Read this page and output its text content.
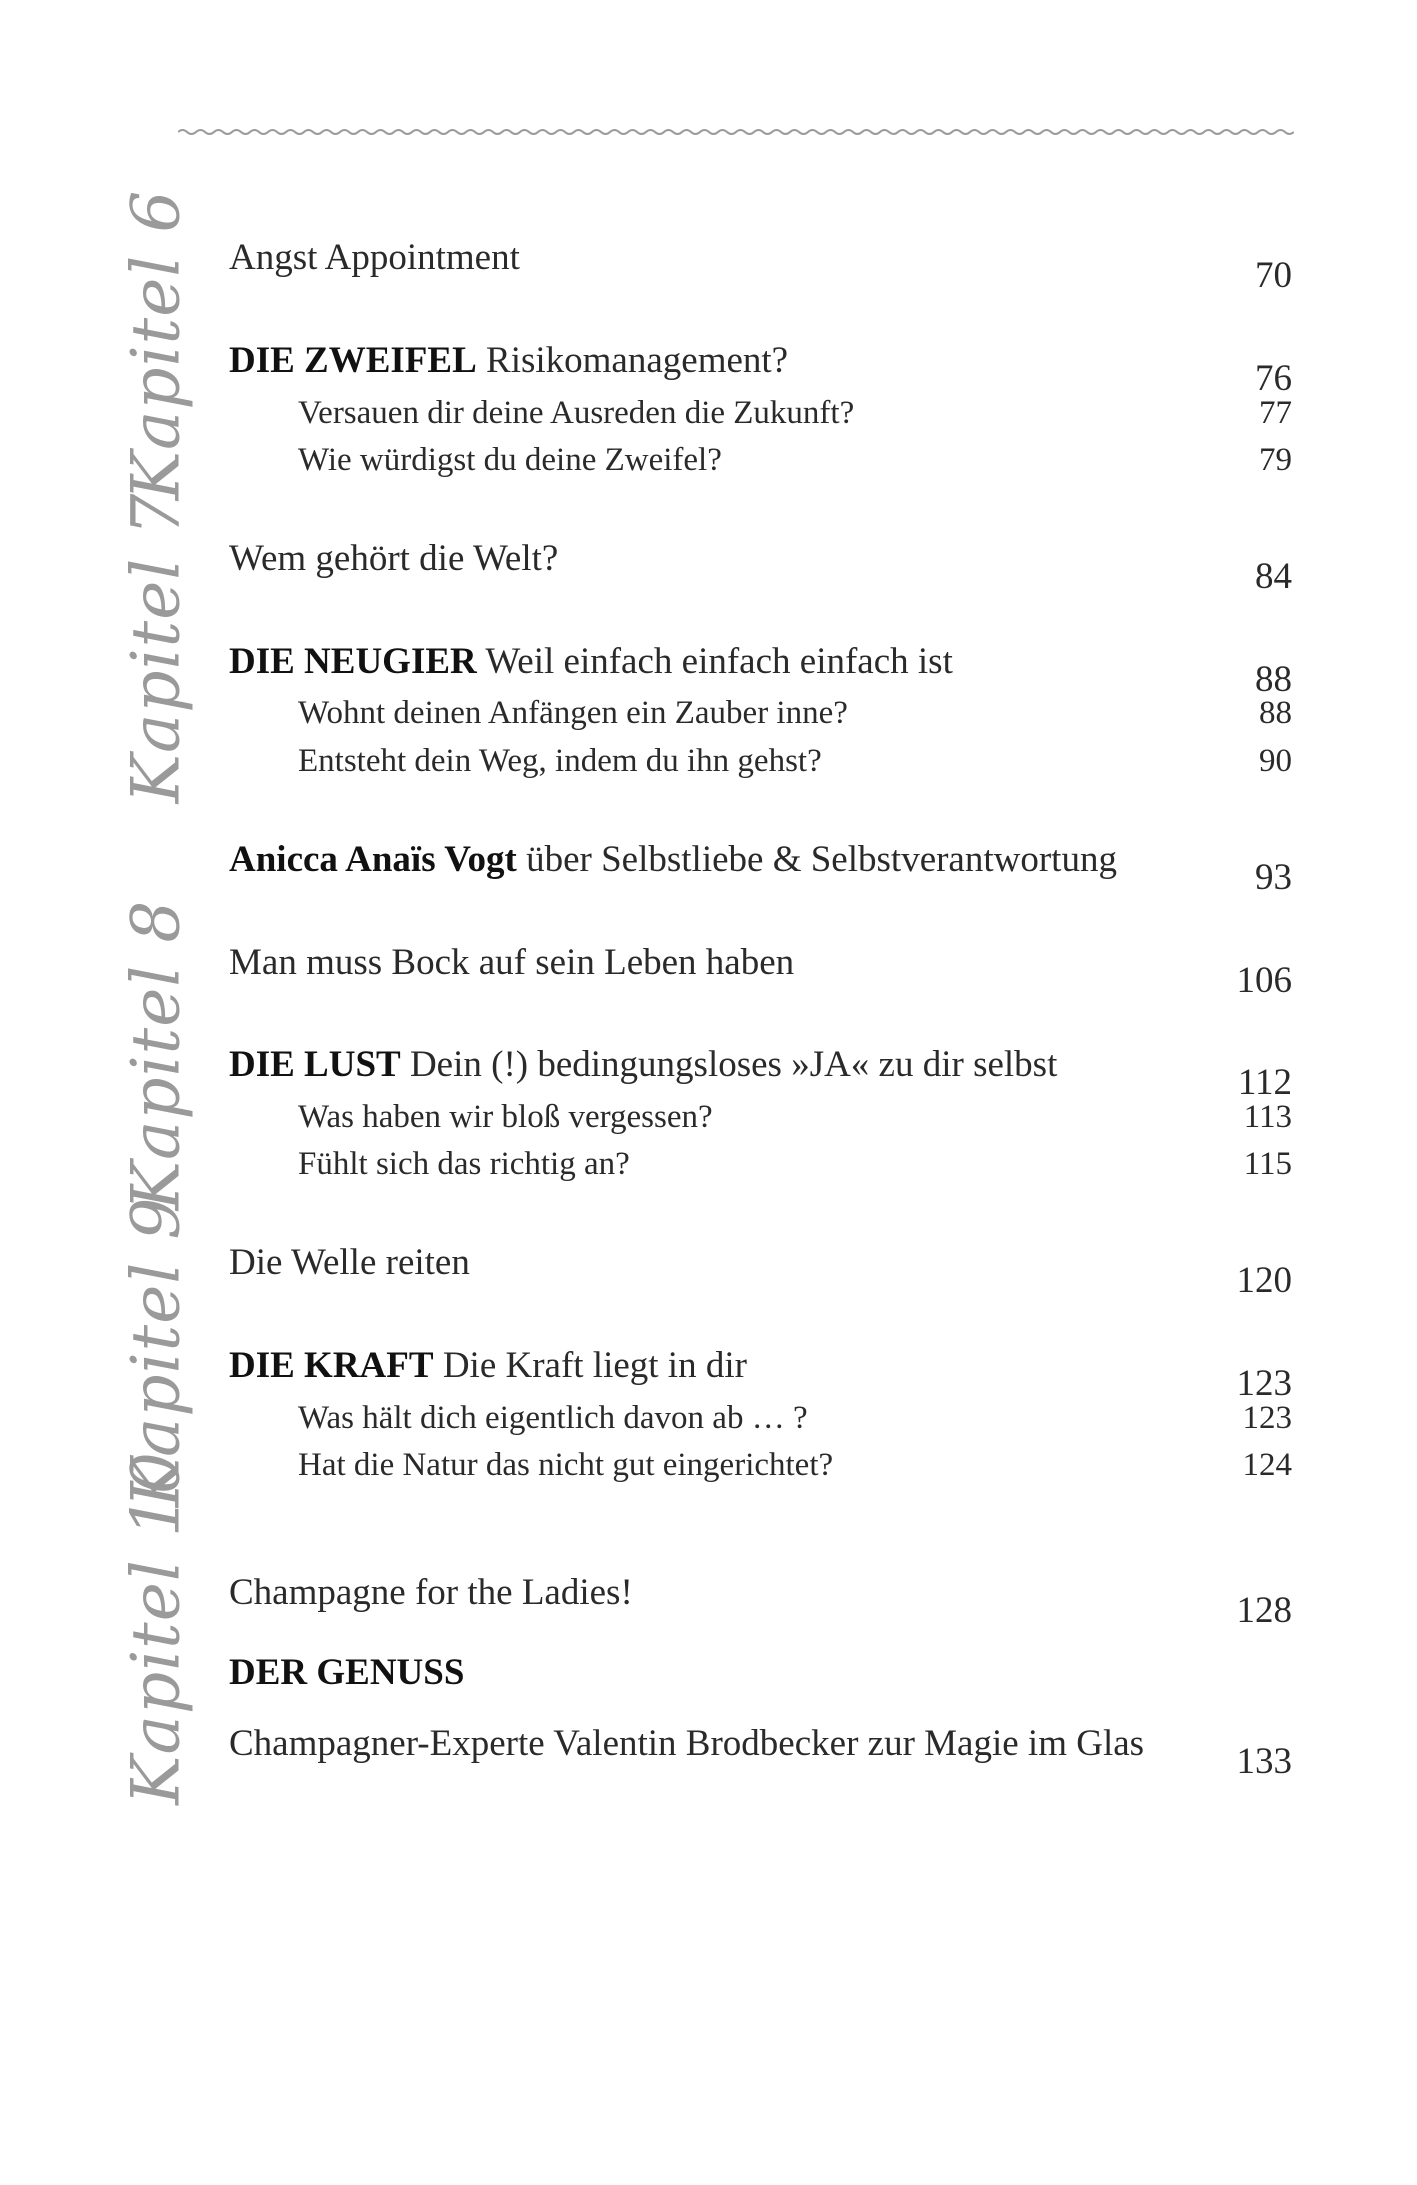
Kapitel 6
Kapitel 7
Kapitel 8
Kapitel 9
Kapitel 10
Angst Appointment	70
DIE ZWEIFEL Risikomanagement?	76
Versauen dir deine Ausreden die Zukunft?	77
Wie würdigst du deine Zweifel?	79
Wem gehört die Welt?	84
DIE NEUGIER Weil einfach einfach einfach ist	88
Wohnt deinen Anfängen ein Zauber inne?	88
Entsteht dein Weg, indem du ihn gehst?	90
Anicca Anaïs Vogt über Selbstliebe & Selbstverantwortung	93
Man muss Bock auf sein Leben haben	106
DIE LUST Dein (!) bedingungsloses »JA« zu dir selbst	112
Was haben wir bloß vergessen?	113
Fühlt sich das richtig an?	115
Die Welle reiten	120
DIE KRAFT Die Kraft liegt in dir	123
Was hält dich eigentlich davon ab … ?	123
Hat die Natur das nicht gut eingerichtet?	124
Champagne for the Ladies!	128
DER GENUSS
Champagner-Experte Valentin Brodbecker zur Magie im Glas 133
